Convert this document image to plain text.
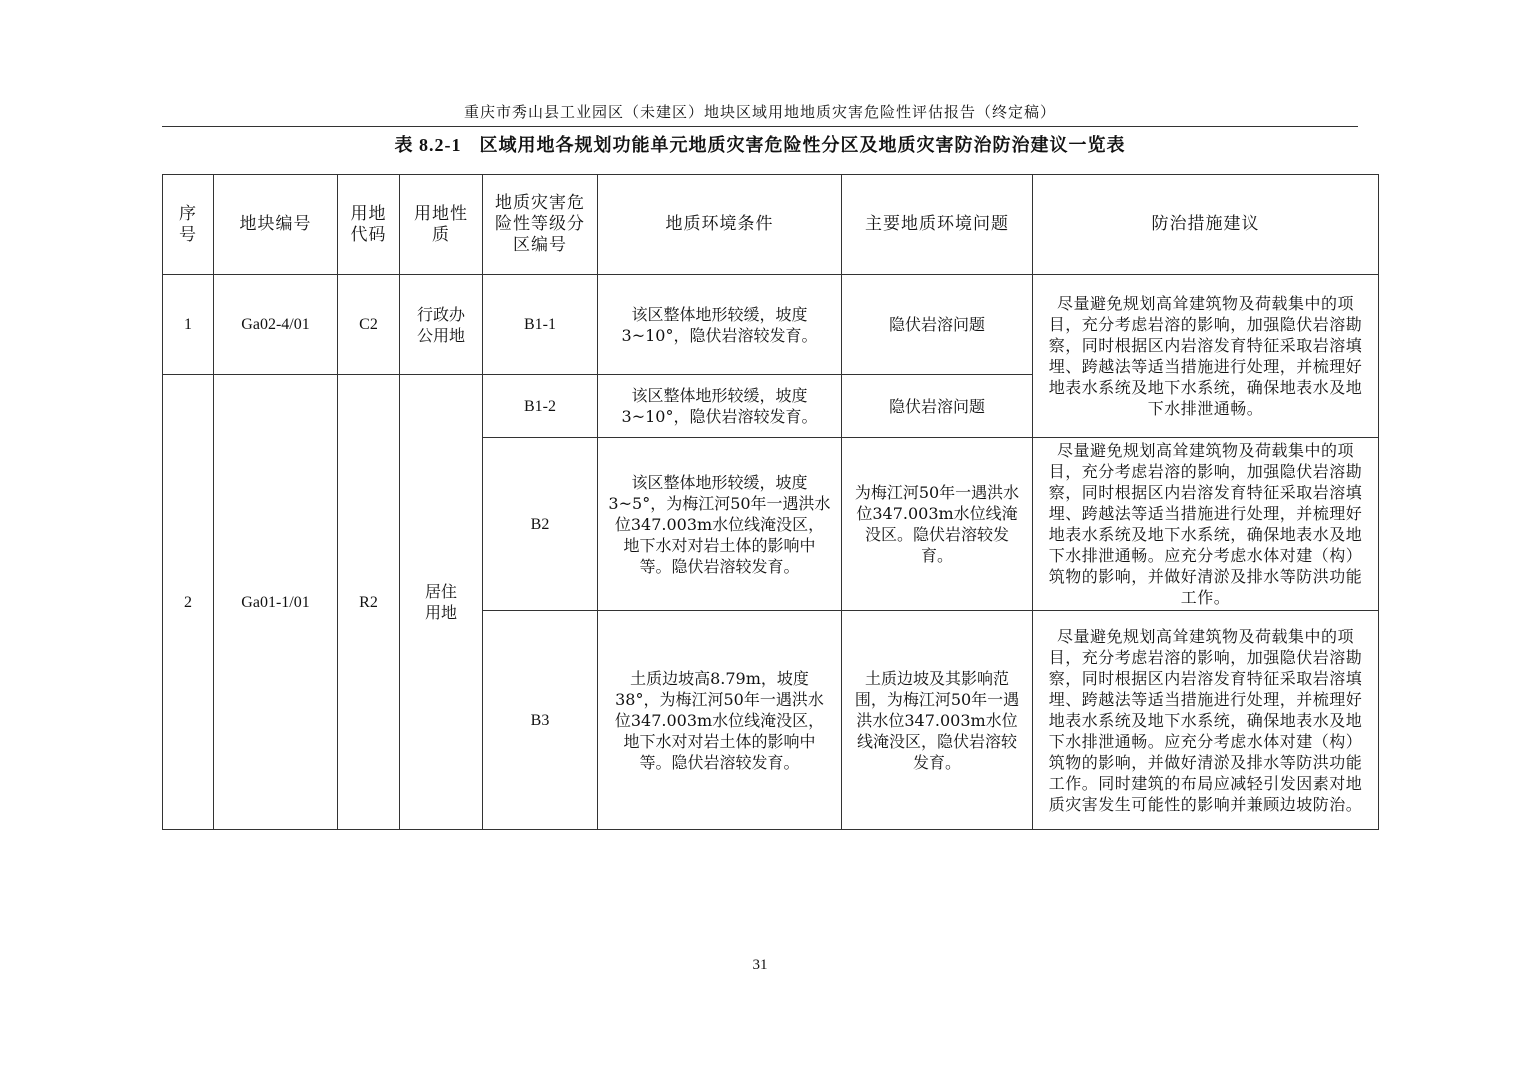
重庆市秀山县工业园区（未建区）地块区域用地地质灾害危险性评估报告（终定稿）
表 8.2-1 区域用地各规划功能单元地质灾害危险性分区及地质灾害防治防治建议一览表
序号	地块编号	用地代码	用地性质	地质灾害危险性等级分区编号	地质环境条件	主要地质环境问题	防治措施建议
1	Ga02-4/01	C2	行政办公用地	B1-1	该区整体地形较缓，坡度3~10°，隐伏岩溶较发育。	隐伏岩溶问题	尽量避免规划高耸建筑物及荷载集中的项目，充分考虑岩溶的影响，加强隐伏岩溶勘察，同时根据区内岩溶发育特征采取岩溶填埋、跨越法等适当措施进行处理，并梳理好地表水系统及地下水系统，确保地表水及地下水排泄通畅。
2	Ga01-1/01	R2	居住用地	B1-2	该区整体地形较缓，坡度3~10°，隐伏岩溶较发育。	隐伏岩溶问题	
				B2	该区整体地形较缓，坡度3~5°，为梅江河50年一遇洪水位347.003m水位线淹没区，地下水对对岩土体的影响中等。隐伏岩溶较发育。	为梅江河50年一遇洪水位347.003m水位线淹没区。隐伏岩溶较发育。	尽量避免规划高耸建筑物及荷载集中的项目，充分考虑岩溶的影响，加强隐伏岩溶勘察，同时根据区内岩溶发育特征采取岩溶填埋、跨越法等适当措施进行处理，并梳理好地表水系统及地下水系统，确保地表水及地下水排泄通畅。应充分考虑水体对建（构）筑物的影响，并做好清淤及排水等防洪功能工作。
				B3	土质边坡高8.79m，坡度38°，为梅江河50年一遇洪水位347.003m水位线淹没区，地下水对对岩土体的影响中等。隐伏岩溶较发育。	土质边坡及其影响范围，为梅江河50年一遇洪水位347.003m水位线淹没区，隐伏岩溶较发育。	尽量避免规划高耸建筑物及荷载集中的项目，充分考虑岩溶的影响，加强隐伏岩溶勘察，同时根据区内岩溶发育特征采取岩溶填埋、跨越法等适当措施进行处理，并梳理好地表水系统及地下水系统，确保地表水及地下水排泄通畅。应充分考虑水体对建（构）筑物的影响，并做好清淤及排水等防洪功能工作。同时建筑的布局应减轻引发因素对地质灾害发生可能性的影响并兼顾边坡防治。
31
